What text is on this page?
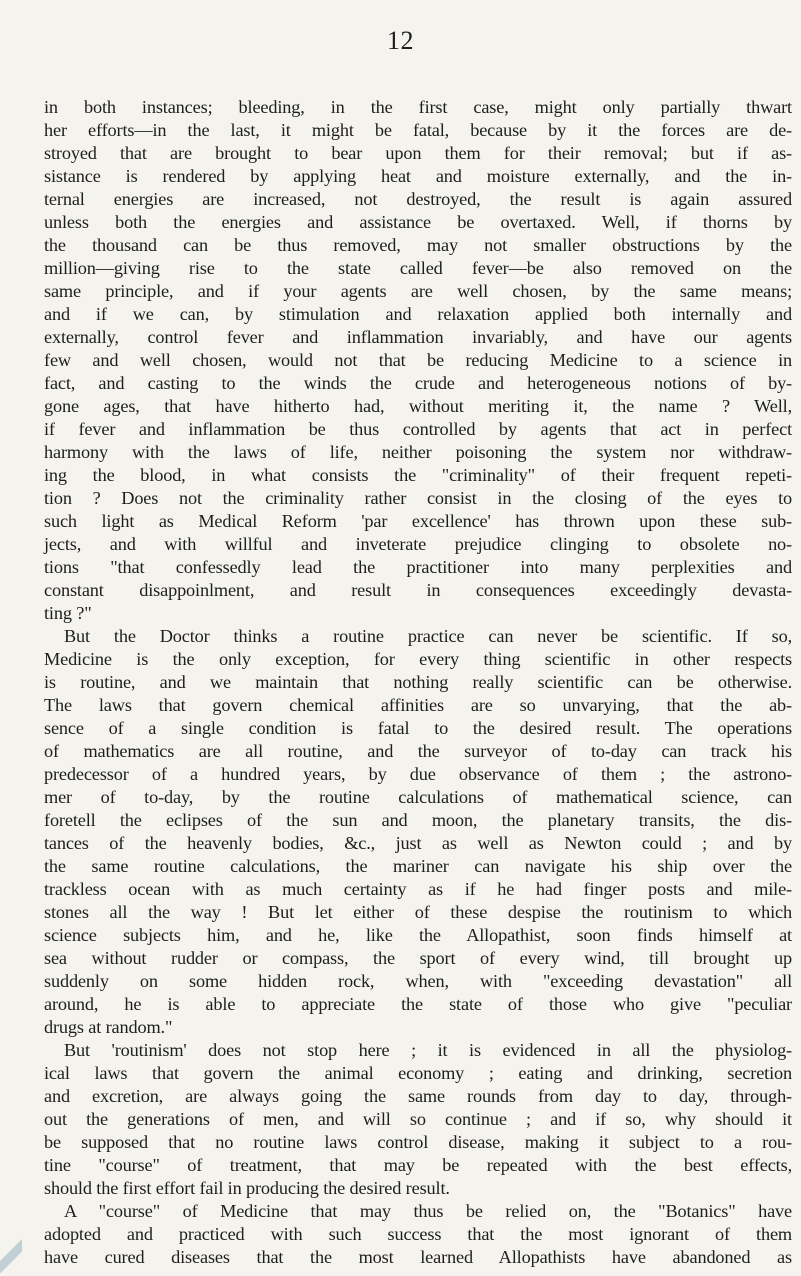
12
in both instances; bleeding, in the first case, might only partially thwart
her efforts—in the last, it might be fatal, because by it the forces are de-
stroyed that are brought to bear upon them for their removal; but if as-
sistance is rendered by applying heat and moisture externally, and the in-
ternal energies are increased, not destroyed, the result is again assured
unless both the energies and assistance be overtaxed. Well, if thorns by
the thousand can be thus removed, may not smaller obstructions by the
million—giving rise to the state called fever—be also removed on the
same principle, and if your agents are well chosen, by the same means;
and if we can, by stimulation and relaxation applied both internally and
externally, control fever and inflammation invariably, and have our agents
few and well chosen, would not that be reducing Medicine to a science in
fact, and casting to the winds the crude and heterogeneous notions of by-
gone ages, that have hitherto had, without meriting it, the name ? Well,
if fever and inflammation be thus controlled by agents that act in perfect
harmony with the laws of life, neither poisoning the system nor withdraw-
ing the blood, in what consists the "criminality" of their frequent repeti-
tion ? Does not the criminality rather consist in the closing of the eyes to
such light as Medical Reform 'par excellence' has thrown upon these sub-
jects, and with willful and inveterate prejudice clinging to obsolete no-
tions "that confessedly lead the practitioner into many perplexities and
constant disappoinlment, and result in consequences exceedingly devasta-
ting ?"
But the Doctor thinks a routine practice can never be scientific. If so,
Medicine is the only exception, for every thing scientific in other respects
is routine, and we maintain that nothing really scientific can be otherwise.
The laws that govern chemical affinities are so unvarying, that the ab-
sence of a single condition is fatal to the desired result. The operations
of mathematics are all routine, and the surveyor of to-day can track his
predecessor of a hundred years, by due observance of them ; the astrono-
mer of to-day, by the routine calculations of mathematical science, can
foretell the eclipses of the sun and moon, the planetary transits, the dis-
tances of the heavenly bodies, &c., just as well as Newton could ; and by
the same routine calculations, the mariner can navigate his ship over the
trackless ocean with as much certainty as if he had finger posts and mile-
stones all the way ! But let either of these despise the routinism to which
science subjects him, and he, like the Allopathist, soon finds himself at
sea without rudder or compass, the sport of every wind, till brought up
suddenly on some hidden rock, when, with "exceeding devastation" all
around, he is able to appreciate the state of those who give "peculiar
drugs at random."
But 'routinism' does not stop here ; it is evidenced in all the physiolog-
ical laws that govern the animal economy ; eating and drinking, secretion
and excretion, are always going the same rounds from day to day, through-
out the generations of men, and will so continue ; and if so, why should it
be supposed that no routine laws control disease, making it subject to a rou-
tine "course" of treatment, that may be repeated with the best effects,
should the first effort fail in producing the desired result.
A "course" of Medicine that may thus be relied on, the "Botanics" have
adopted and practiced with such success that the most ignorant of them
have cured diseases that the most learned Allopathists have abandoned as
